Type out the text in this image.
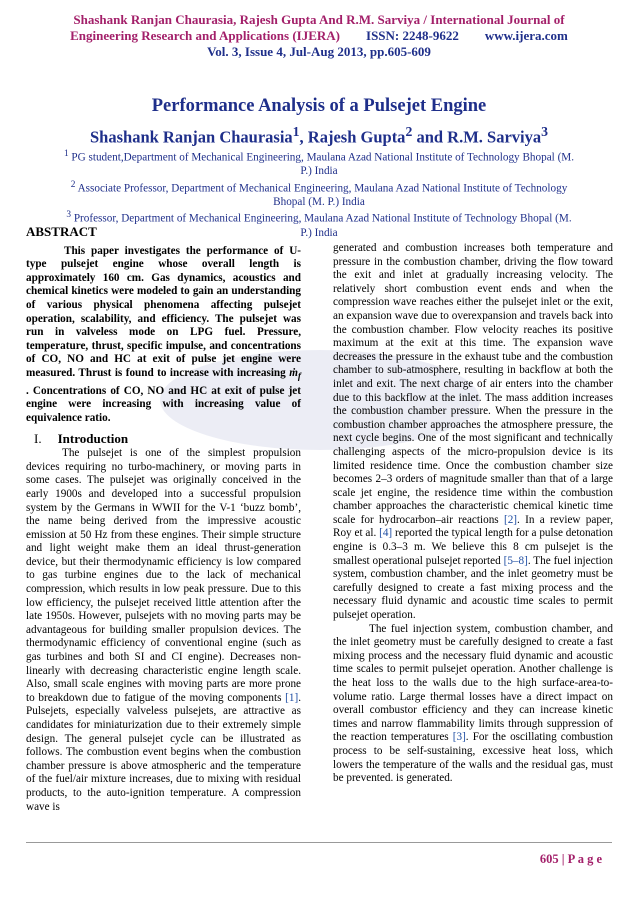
Shashank Ranjan Chaurasia, Rajesh Gupta And R.M. Sarviya / International Journal of
Engineering Research and Applications (IJERA) ISSN: 2248-9622 www.ijera.com
Vol. 3, Issue 4, Jul-Aug 2013, pp.605-609
Performance Analysis of a Pulsejet Engine
Shashank Ranjan Chaurasia$^1$, Rajesh Gupta$^2$ and R.M. Sarviya$^3$

$^1$ PG student,Department of Mechanical Engineering, Maulana Azad National Institute of Technology Bhopal (M. P.) India

$^2$ Associate Professor, Department of Mechanical Engineering, Maulana Azad National Institute of Technology Bhopal (M. P.) India

$^3$ Professor, Department of Mechanical Engineering, Maulana Azad National Institute of Technology Bhopal (M. P.) India

ABSTRACT

This paper investigates the performance of U-type pulsejet engine whose overall length is approximately 160 cm. Gas dynamics, acoustics and chemical kinetics were modeled to gain an understanding of various physical phenomena affecting pulsejet operation, scalability, and efficiency. The pulsejet was run in valveless mode on LPG fuel. Pressure, temperature, thrust, specific impulse, and concentrations of CO, NO and HC at exit of pulse jet engine were measured. Thrust is found to increase with increasing ṁ$_f$ . Concentrations of CO, NO and HC at exit of pulse jet engine were increasing with increasing value of equivalence ratio.

I. Introduction

The pulsejet is one of the simplest propulsion devices requiring no turbo-machinery, or moving parts in some cases. The pulsejet was originally conceived in the early 1900s and developed into a successful propulsion system by the Germans in WWII for the V-1 ‘buzz bomb’, the name being derived from the impressive acoustic emission at 50 Hz from these engines. Their simple structure and light weight make them an ideal thrust-generation device, but their thermodynamic efficiency is low compared to gas turbine engines due to the lack of mechanical compression, which results in low peak pressure. Due to this low efficiency, the pulsejet received little attention after the late 1950s. However, pulsejets with no moving parts may be advantageous for building smaller propulsion devices. The thermodynamic efficiency of conventional engine (such as gas turbines and both SI and CI engine). Decreases non-linearly with decreasing characteristic engine length scale. Also, small scale engines with moving parts are more prone to breakdown due to fatigue of the moving components [1]. Pulsejets, especially valveless pulsejets, are attractive as candidates for miniaturization due to their extremely simple design. The general pulsejet cycle can be illustrated as follows. The combustion event begins when the combustion chamber pressure is above atmospheric and the temperature of the fuel/air mixture increases, due to mixing with residual products, to the auto-ignition temperature. A compression wave is

generated and combustion increases both temperature and pressure in the combustion chamber, driving the flow toward the exit and inlet at gradually increasing velocity. The relatively short combustion event ends and when the compression wave reaches either the pulsejet inlet or the exit, an expansion wave due to overexpansion and travels back into the combustion chamber. Flow velocity reaches its positive maximum at the exit at this time. The expansion wave decreases the pressure in the exhaust tube and the combustion chamber to sub-atmosphere, resulting in backflow at both the inlet and exit. The next charge of air enters into the chamber due to this backflow at the inlet. The mass addition increases the combustion chamber pressure. When the pressure in the combustion chamber approaches the atmosphere pressure, the next cycle begins. One of the most significant and technically challenging aspects of the micro-propulsion device is its limited residence time. Once the combustion chamber size becomes 2–3 orders of magnitude smaller than that of a large scale jet engine, the residence time within the combustion chamber approaches the characteristic chemical kinetic time scale for hydrocarbon–air reactions [2]. In a review paper, Roy et al. [4] reported the typical length for a pulse detonation engine is 0.3–3 m. We believe this 8 cm pulsejet is the smallest operational pulsejet reported [5–8]. The fuel injection system, combustion chamber, and the inlet geometry must be carefully designed to create a fast mixing process and the necessary fluid dynamic and acoustic time scales to permit pulsejet operation.

The fuel injection system, combustion chamber, and the inlet geometry must be carefully designed to create a fast mixing process and the necessary fluid dynamic and acoustic time scales to permit pulsejet operation. Another challenge is the heat loss to the walls due to the high surface-area-to-volume ratio. Large thermal losses have a direct impact on overall combustor efficiency and they can increase kinetic times and narrow flammability limits through suppression of the reaction temperatures [3]. For the oscillating combustion process to be self-sustaining, excessive heat loss, which lowers the temperature of the walls and the residual gas, must be prevented. is generated.

605 | P a g e
